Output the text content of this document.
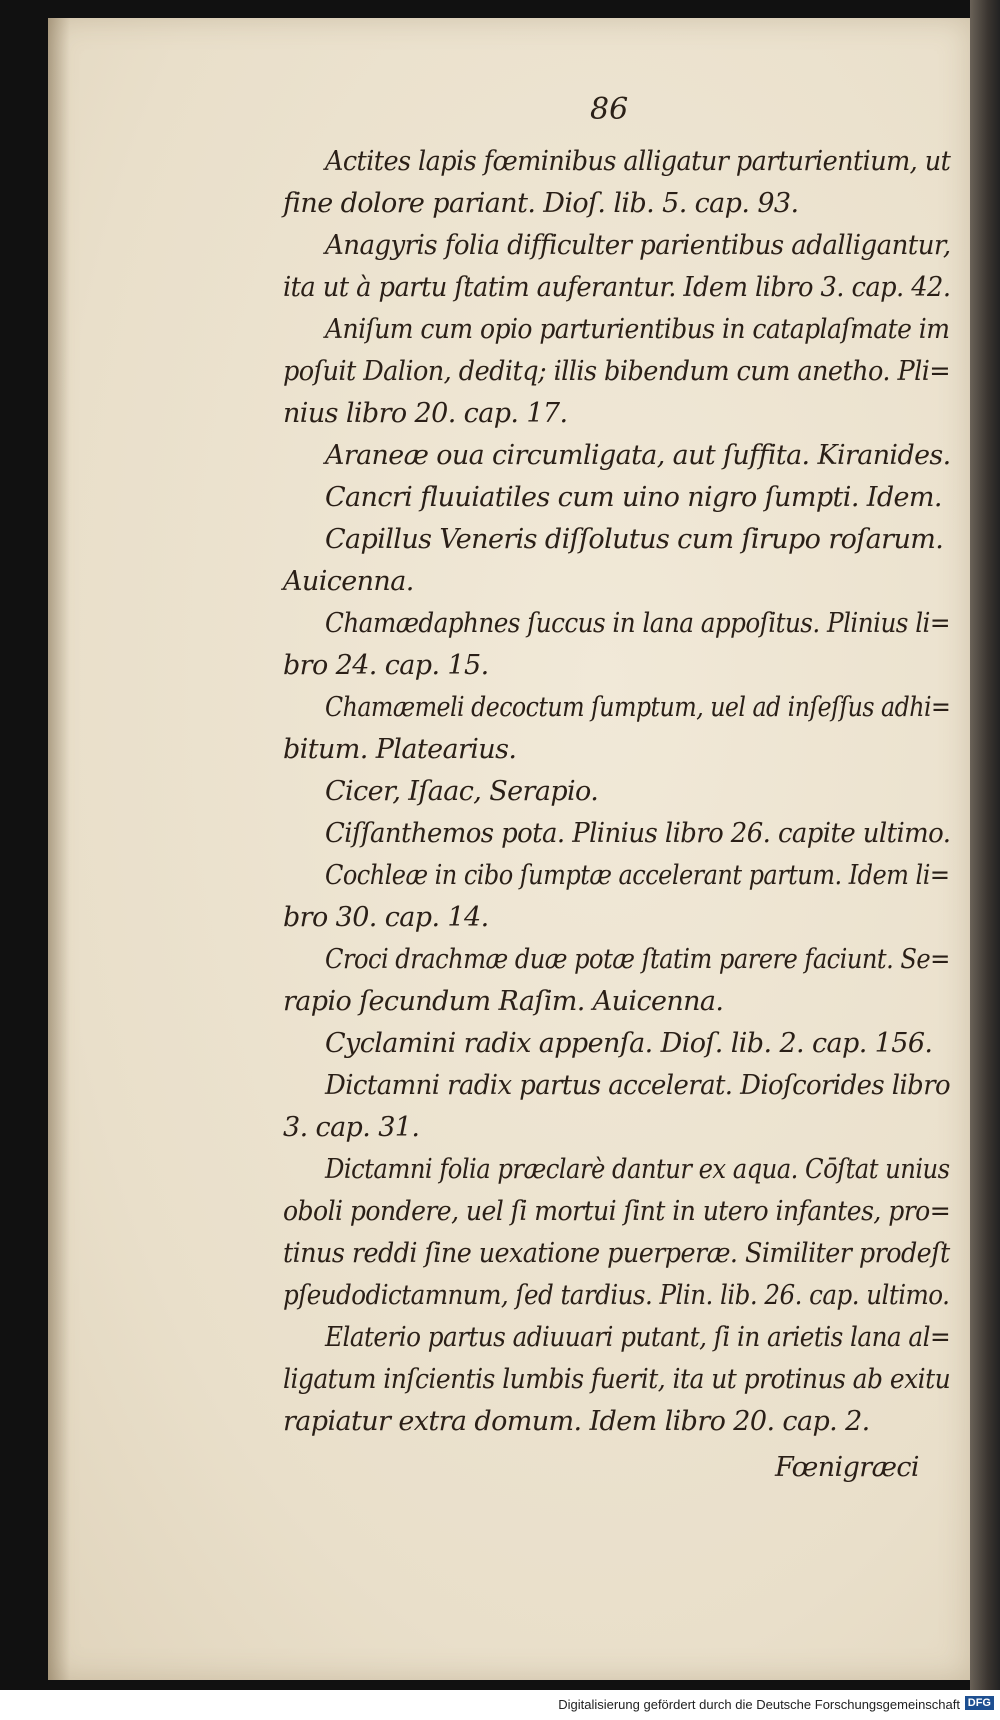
86
Actites lapis fœminibus alligatur parturientium, ut
fine dolore pariant. Dioſ. lib. 5. cap. 93.
Anagyris folia difficulter parientibus adalligantur,
ita ut à partu ſtatim auferantur. Idem libro 3. cap. 42.
Aniſum cum opio parturientibus in cataplaſmate im
poſuit Dalion, deditq; illis bibendum cum anetho. Pli=
nius libro 20. cap. 17.
Araneæ oua circumligata, aut ſuffita. Kiranides.
Cancri fluuiatiles cum uino nigro ſumpti. Idem.
Capillus Veneris diſſolutus cum ſirupo roſarum.
Auicenna.
Chamædaphnes ſuccus in lana appoſitus. Plinius li=
bro 24. cap. 15.
Chamæmeli decoctum ſumptum, uel ad inſeſſus adhi=
bitum. Platearius.
Cicer, Iſaac, Serapio.
Ciſſanthemos pota. Plinius libro 26. capite ultimo.
Cochleæ in cibo ſumptæ accelerant partum. Idem li=
bro 30. cap. 14.
Croci drachmæ duæ potæ ſtatim parere faciunt. Se=
rapio ſecundum Raſim. Auicenna.
Cyclamini radix appenſa. Dioſ. lib. 2. cap. 156.
Dictamni radix partus accelerat. Dioſcorides libro
3. cap. 31.
Dictamni folia præclarè dantur ex aqua. Cōſtat unius
oboli pondere, uel ſi mortui ſint in utero infantes, pro=
tinus reddi ſine uexatione puerperæ. Similiter prodeſt
pſeudodictamnum, ſed tardius. Plin. lib. 26. cap. ultimo.
Elaterio partus adiuuari putant, ſi in arietis lana al=
ligatum inſcientis lumbis fuerit, ita ut protinus ab exitu
rapiatur extra domum. Idem libro 20. cap. 2.
Fœnigræci
Digitalisierung gefördert durch die Deutsche Forschungsgemeinschaft DFG
